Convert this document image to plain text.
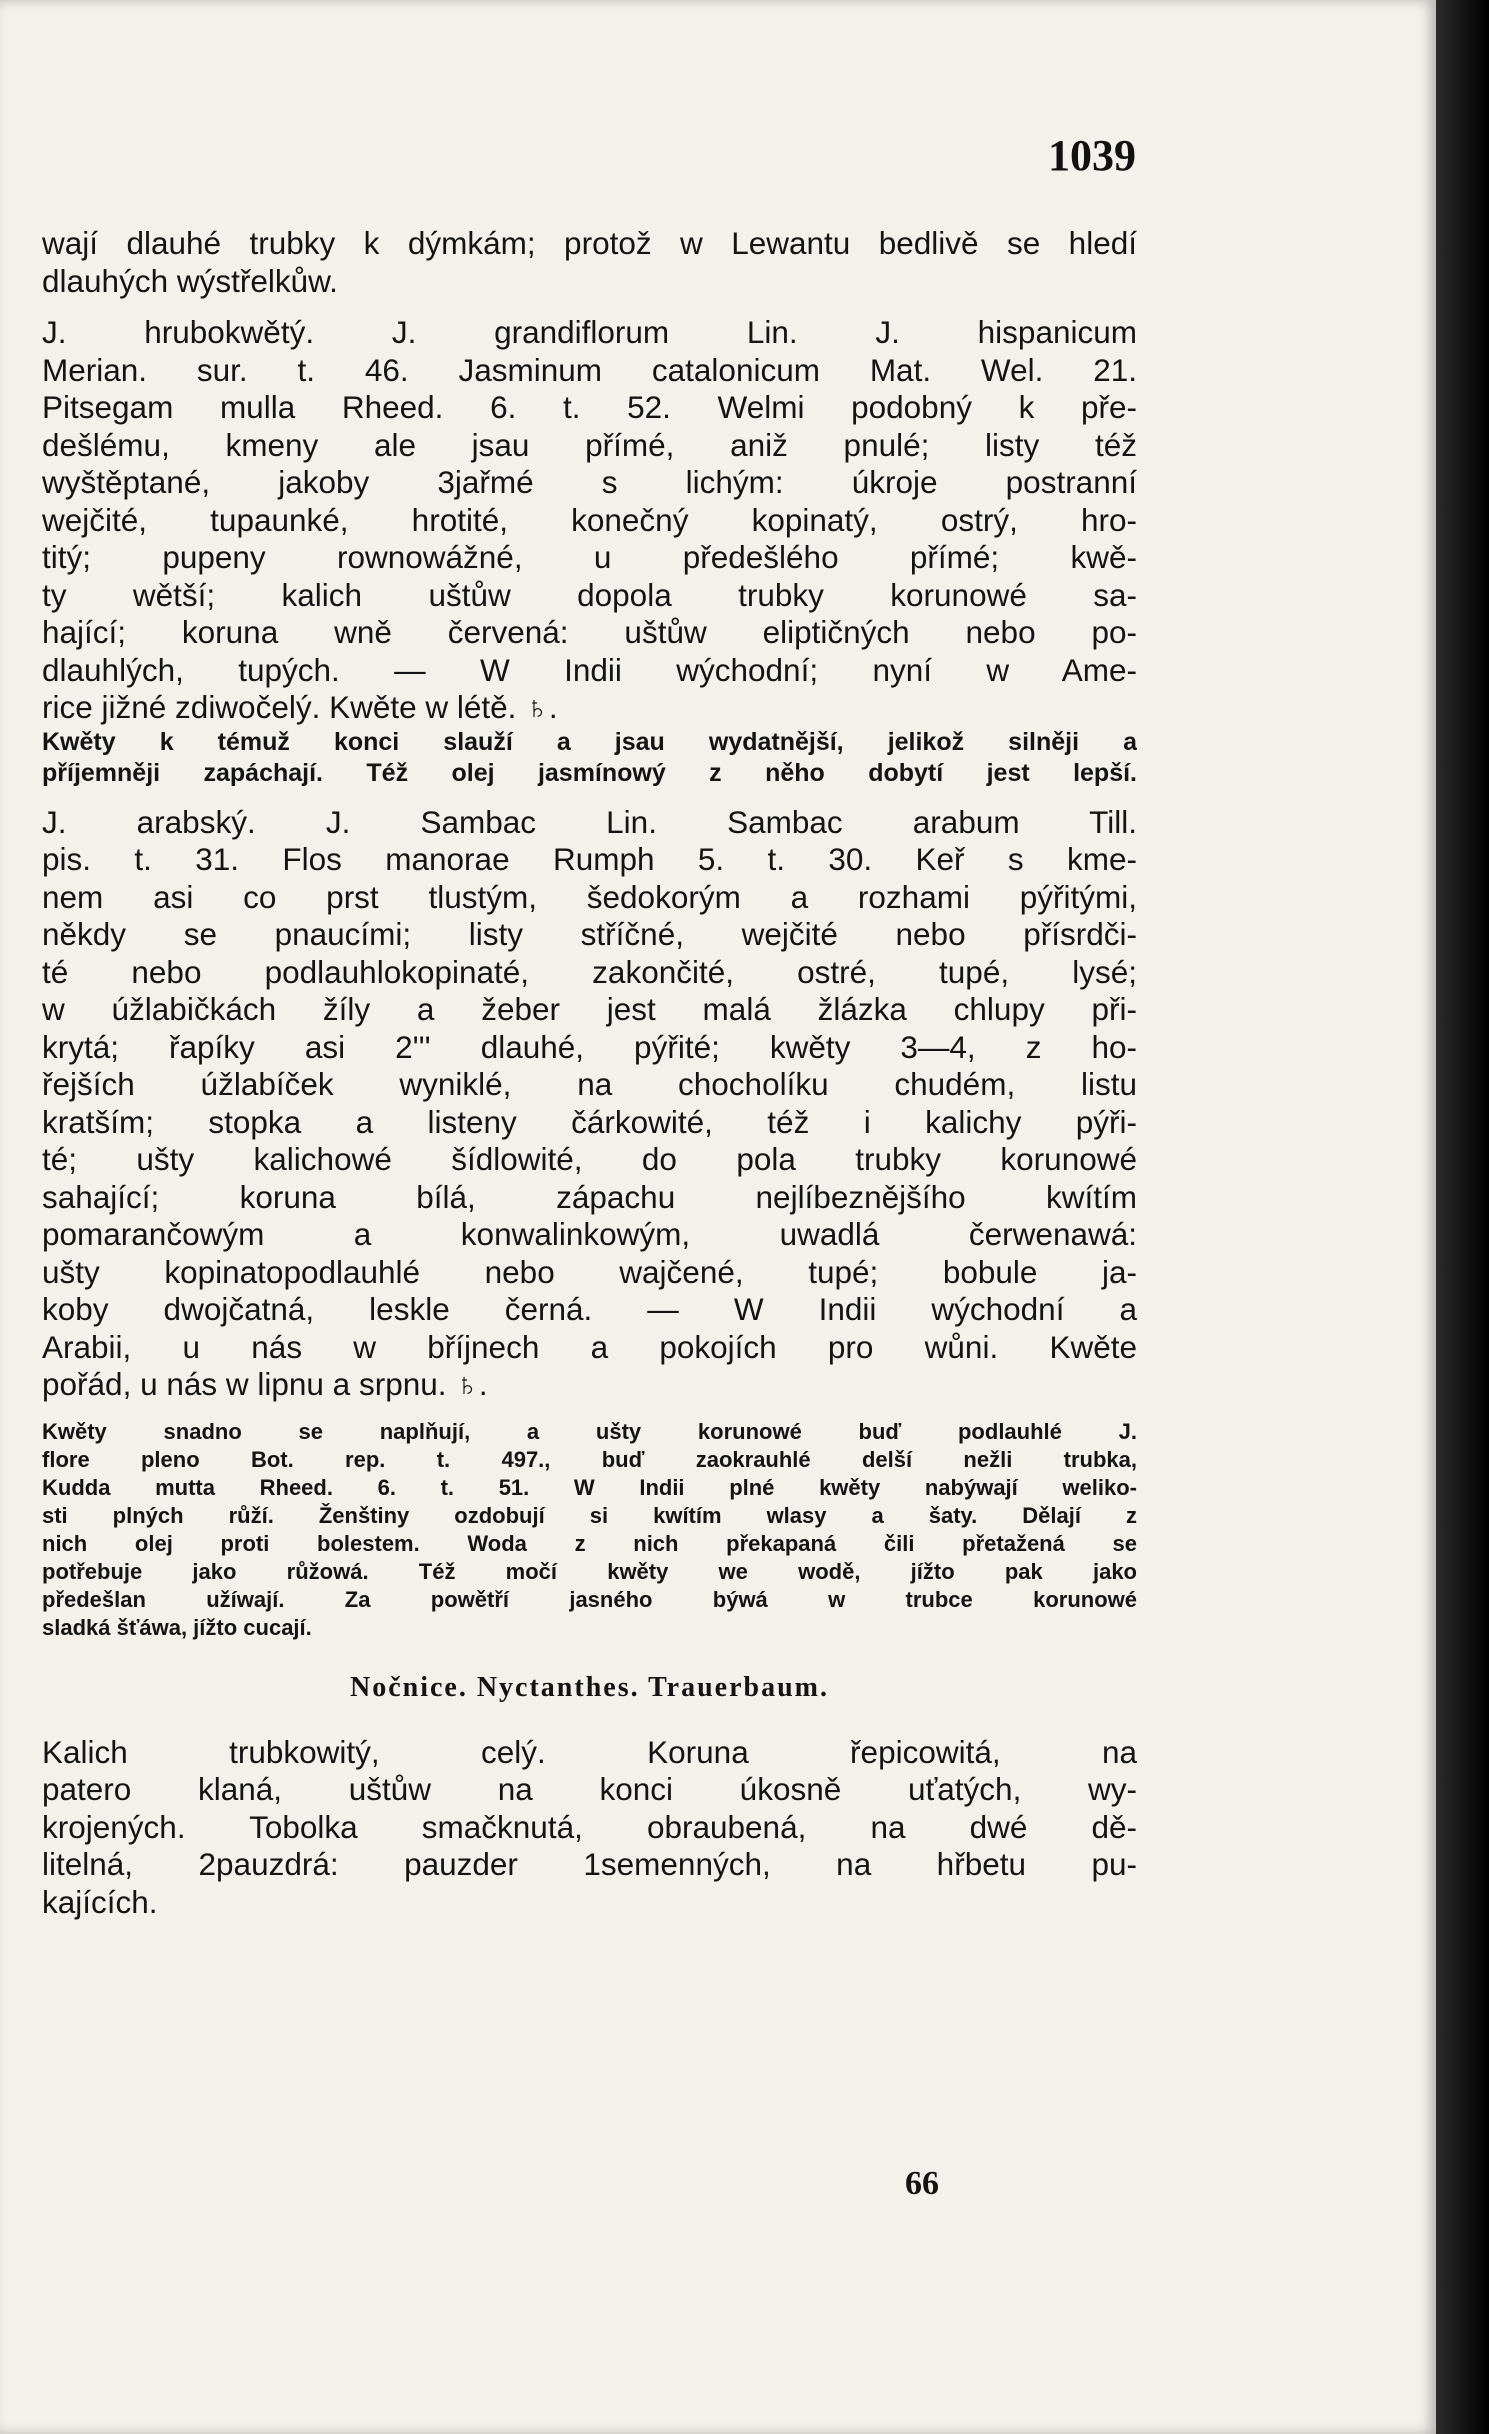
1039
wají dlauhé trubky k dýmkám; protož w Lewantu bedlivě se hledí
dlauhých wýstřelkůw.
J. hrubokwětý. J. grandiflorum Lin. J. hispanicum
Merian. sur. t. 46. Jasminum catalonicum Mat. Wel. 21.
Pitsegam mulla Rheed. 6. t. 52. Welmi podobný k pře-
dešlému, kmeny ale jsau přímé, aniž pnulé; listy též
wyštěptané, jakoby 3jařmé s lichým: úkroje postranní
wejčité, tupaunké, hrotité, konečný kopinatý, ostrý, hro-
titý; pupeny rownowážné, u předešlého přímé; kwě-
ty wětší; kalich uštůw dopola trubky korunowé sa-
hající; koruna wně červená: uštůw eliptičných nebo po-
dlauhlých, tupých. — W Indii wýchodní; nyní w Ame-
rice jižné zdiwočelý. Kwěte w létě. ♄.
Kwěty k témuž konci slauží a jsau wydatnější, jelikož silněji a
příjemněji zapáchají. Též olej jasmínowý z něho dobytí jest lepší.
J. arabský. J. Sambac Lin. Sambac arabum Till.
pis. t. 31. Flos manorae Rumph 5. t. 30. Keř s kme-
nem asi co prst tlustým, šedokorým a rozhami pýřitými,
někdy se pnaucími; listy stříčné, wejčité nebo přísrdči-
té nebo podlauhlokopinaté, zakončité, ostré, tupé, lysé;
w úžlabičkách žíly a žeber jest malá žlázka chlupy při-
krytá; řapíky asi 2''' dlauhé, pýřité; kwěty 3—4, z ho-
řejších úžlabíček wyniklé, na chocholíku chudém, listu
kratším; stopka a listeny čárkowité, též i kalichy pýři-
té; ušty kalichowé šídlowité, do pola trubky korunowé
sahající; koruna bílá, zápachu nejlíbeznějšího kwítím
pomarančowým a konwalinkowým, uwadlá čerwenawá:
ušty kopinatopodlauhlé nebo wajčené, tupé; bobule ja-
koby dwojčatná, leskle černá. — W Indii wýchodní a
Arabii, u nás w bříjnech a pokojích pro wůni. Kwěte
pořád, u nás w lipnu a srpnu. ♄.
Kwěty snadno se naplňují, a ušty korunowé buď podlauhlé J.
flore pleno Bot. rep. t. 497., buď zaokrauhlé delší nežli trubka,
Kudda mutta Rheed. 6. t. 51. W Indii plné kwěty nabýwají weliko-
sti plných růží. Ženštiny ozdobují si kwítím wlasy a šaty. Dělají z
nich olej proti bolestem. Woda z nich překapaná čili přetažená se
potřebuje jako růžowá. Též močí kwěty we wodě, jížto pak jako
předešlan užíwají. Za powětří jasného býwá w trubce korunowé
sladká šťáwa, jížto cucají.
Nočnice. Nyctanthes. Trauerbaum.
Kalich trubkowitý, celý. Koruna řepicowitá, na
patero klaná, uštůw na konci úkosně uťatých, wy-
krojených. Tobolka smačknutá, obraubená, na dwé dě-
litelná, 2pauzdrá: pauzder 1semenných, na hřbetu pu-
kajících.
66
